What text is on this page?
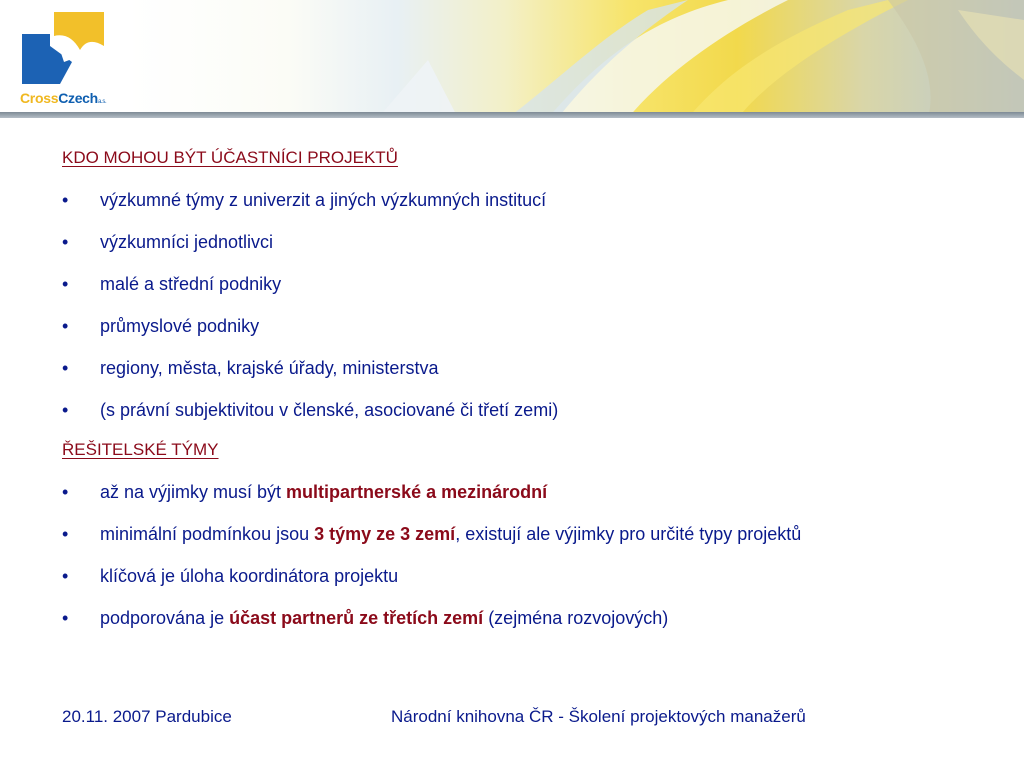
CrossCzecha.s.
KDO MOHOU BÝT ÚČASTNÍCI PROJEKTŮ
• výzkumné týmy z univerzit a jiných výzkumných institucí
• výzkumníci jednotlivci
• malé a střední podniky
• průmyslové podniky
• regiony, města, krajské úřady, ministerstva
• (s právní subjektivitou v členské, asociované či třetí zemi)
ŘEŠITELSKÉ TÝMY
• až na výjimky musí být multipartnerské a mezinárodní
• minimální podmínkou jsou 3 týmy ze 3 zemí, existují ale výjimky pro určité typy projektů
• klíčová je úloha koordinátora projektu
• podporována je účast partnerů ze třetích zemí (zejména rozvojových)
20.11. 2007 Pardubice	Národní knihovna ČR - Školení projektových manažerů
